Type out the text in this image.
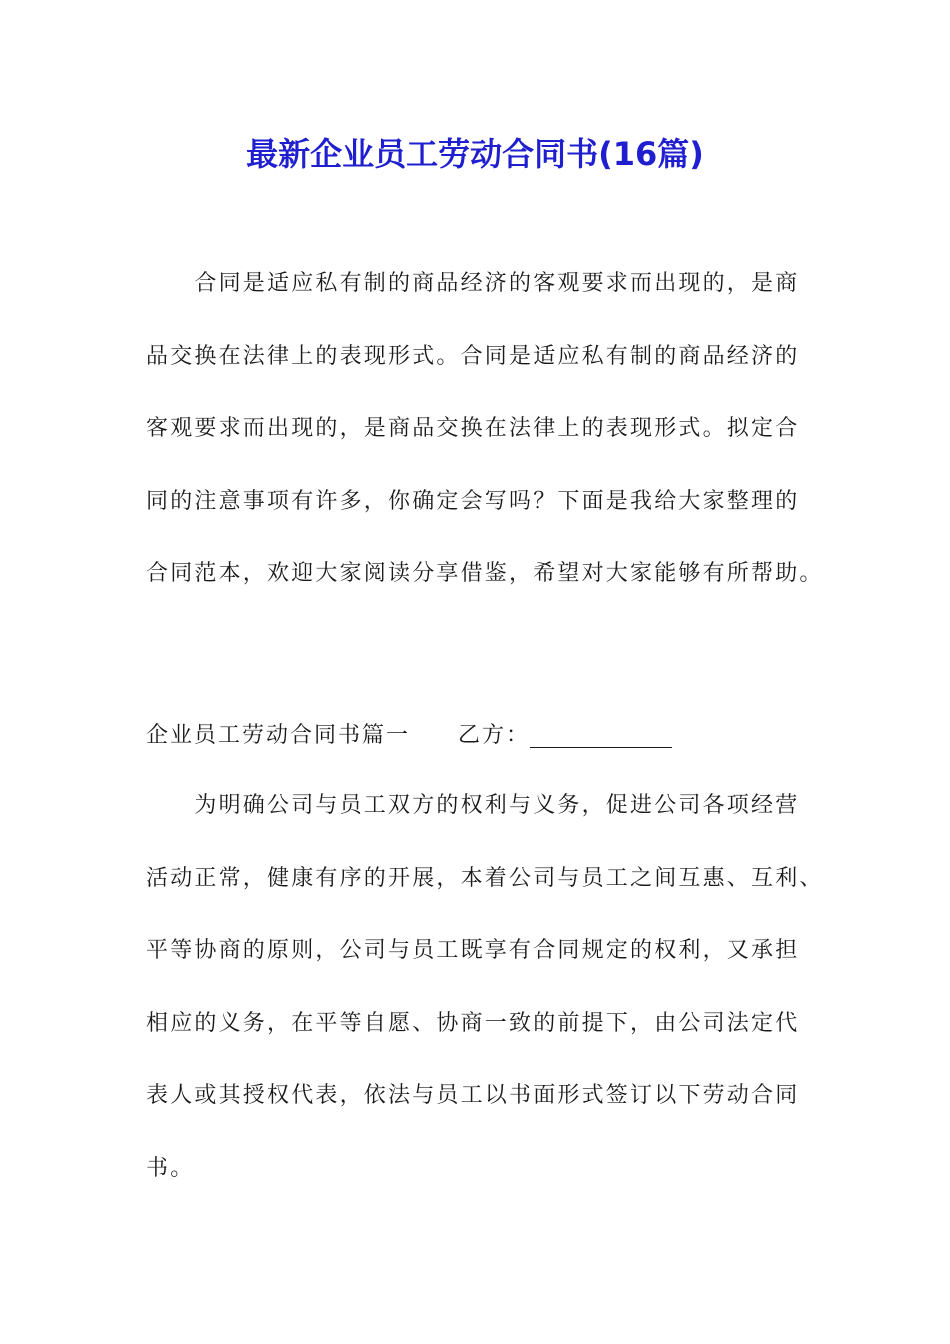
最新企业员工劳动合同书(16篇)
　　合同是适应私有制的商品经济的客观要求而出现的，是商
品交换在法律上的表现形式。合同是适应私有制的商品经济的
客观要求而出现的，是商品交换在法律上的表现形式。拟定合
同的注意事项有许多，你确定会写吗？下面是我给大家整理的
合同范本，欢迎大家阅读分享借鉴，希望对大家能够有所帮助。
企业员工劳动合同书篇一 乙方：
　　为明确公司与员工双方的权利与义务，促进公司各项经营
活动正常，健康有序的开展，本着公司与员工之间互惠、互利、
平等协商的原则，公司与员工既享有合同规定的权利，又承担
相应的义务，在平等自愿、协商一致的前提下，由公司法定代
表人或其授权代表，依法与员工以书面形式签订以下劳动合同
书。
